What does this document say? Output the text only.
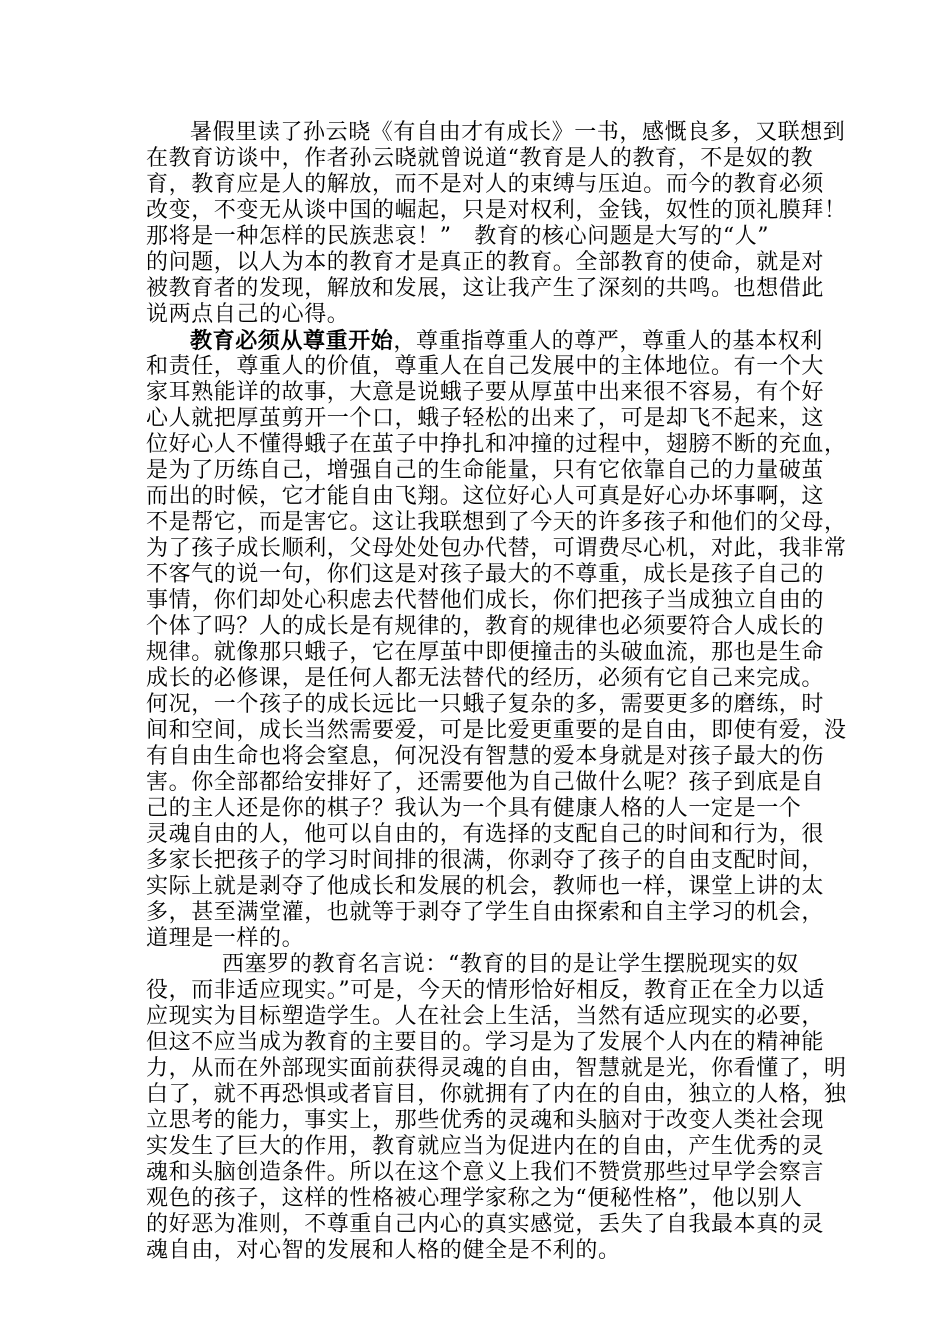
暑假里读了孙云晓《有自由才有成长》一书，感慨良多，又联想到
在教育访谈中，作者孙云晓就曾说道“教育是人的教育，不是奴的教
育，教育应是人的解放，而不是对人的束缚与压迫。而今的教育必须
改变，不变无从谈中国的崛起，只是对权利，金钱，奴性的顶礼膜拜！
那将是一种怎样的民族悲哀！”　教育的核心问题是大写的“人”
的问题，以人为本的教育才是真正的教育。全部教育的使命，就是对
被教育者的发现，解放和发展，这让我产生了深刻的共鸣。也想借此
说两点自己的心得。
教育必须从尊重开始，尊重指尊重人的尊严，尊重人的基本权利
和责任，尊重人的价值，尊重人在自己发展中的主体地位。有一个大
家耳熟能详的故事，大意是说蛾子要从厚茧中出来很不容易，有个好
心人就把厚茧剪开一个口，蛾子轻松的出来了，可是却飞不起来，这
位好心人不懂得蛾子在茧子中挣扎和冲撞的过程中，翅膀不断的充血，
是为了历练自己，增强自己的生命能量，只有它依靠自己的力量破茧
而出的时候，它才能自由飞翔。这位好心人可真是好心办坏事啊，这
不是帮它，而是害它。这让我联想到了今天的许多孩子和他们的父母，
为了孩子成长顺利，父母处处包办代替，可谓费尽心机，对此，我非常
不客气的说一句，你们这是对孩子最大的不尊重，成长是孩子自己的
事情，你们却处心积虑去代替他们成长，你们把孩子当成独立自由的
个体了吗？人的成长是有规律的，教育的规律也必须要符合人成长的
规律。就像那只蛾子，它在厚茧中即便撞击的头破血流，那也是生命
成长的必修课，是任何人都无法替代的经历，必须有它自己来完成。
何况，一个孩子的成长远比一只蛾子复杂的多，需要更多的磨练，时
间和空间，成长当然需要爱，可是比爱更重要的是自由，即使有爱，没
有自由生命也将会窒息，何况没有智慧的爱本身就是对孩子最大的伤
害。你全部都给安排好了，还需要他为自己做什么呢？孩子到底是自
己的主人还是你的棋子？我认为一个具有健康人格的人一定是一个
灵魂自由的人，他可以自由的，有选择的支配自己的时间和行为，很
多家长把孩子的学习时间排的很满，你剥夺了孩子的自由支配时间，
实际上就是剥夺了他成长和发展的机会，教师也一样，课堂上讲的太
多，甚至满堂灌，也就等于剥夺了学生自由探索和自主学习的机会，
道理是一样的。
西塞罗的教育名言说：“教育的目的是让学生摆脱现实的奴
役，而非适应现实。”可是，今天的情形恰好相反，教育正在全力以适
应现实为目标塑造学生。人在社会上生活，当然有适应现实的必要，
但这不应当成为教育的主要目的。学习是为了发展个人内在的精神能
力，从而在外部现实面前获得灵魂的自由，智慧就是光，你看懂了，明
白了，就不再恐惧或者盲目，你就拥有了内在的自由，独立的人格，独
立思考的能力，事实上，那些优秀的灵魂和头脑对于改变人类社会现
实发生了巨大的作用，教育就应当为促进内在的自由，产生优秀的灵
魂和头脑创造条件。所以在这个意义上我们不赞赏那些过早学会察言
观色的孩子，这样的性格被心理学家称之为“便秘性格”，他以别人
的好恶为准则，不尊重自己内心的真实感觉，丢失了自我最本真的灵
魂自由，对心智的发展和人格的健全是不利的。
